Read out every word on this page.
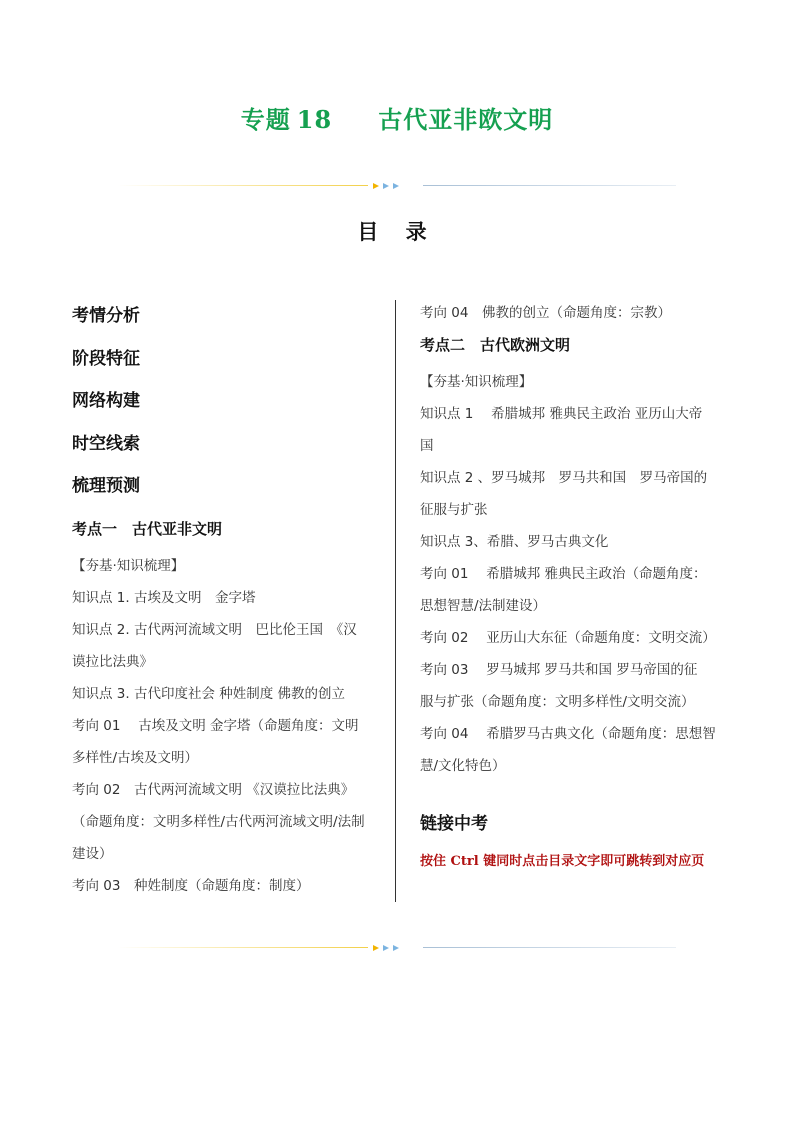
专题 18 古代亚非欧文明
目 录
考情分析
阶段特征
网络构建
时空线索
梳理预测
考点一　古代亚非文明
【夯基·知识梳理】
知识点 1. 古埃及文明　金字塔
知识点 2. 古代两河流域文明　巴比伦王国　《汉
谟拉比法典》
知识点 3. 古代印度社会 种姓制度 佛教的创立
考向 01　 古埃及文明 金字塔（命题角度：文明
多样性/古埃及文明）
考向 02　古代两河流域文明 《汉谟拉比法典》
（命题角度：文明多样性/古代两河流域文明/法制
建设）
考向 03　种姓制度（命题角度：制度）
考向 04　佛教的创立（命题角度：宗教）
考点二　古代欧洲文明
【夯基·知识梳理】
知识点 1　 希腊城邦 雅典民主政治 亚历山大帝
国
知识点 2 、罗马城邦　罗马共和国　罗马帝国的
征服与扩张
知识点 3、希腊、罗马古典文化
考向 01　 希腊城邦 雅典民主政治（命题角度：
思想智慧/法制建设）
考向 02　 亚历山大东征（命题角度：文明交流）
考向 03　 罗马城邦 罗马共和国 罗马帝国的征
服与扩张（命题角度：文明多样性/文明交流）
考向 04　 希腊罗马古典文化（命题角度：思想智
慧/文化特色）
链接中考
按住 Ctrl 键同时点击目录文字即可跳转到对应页
